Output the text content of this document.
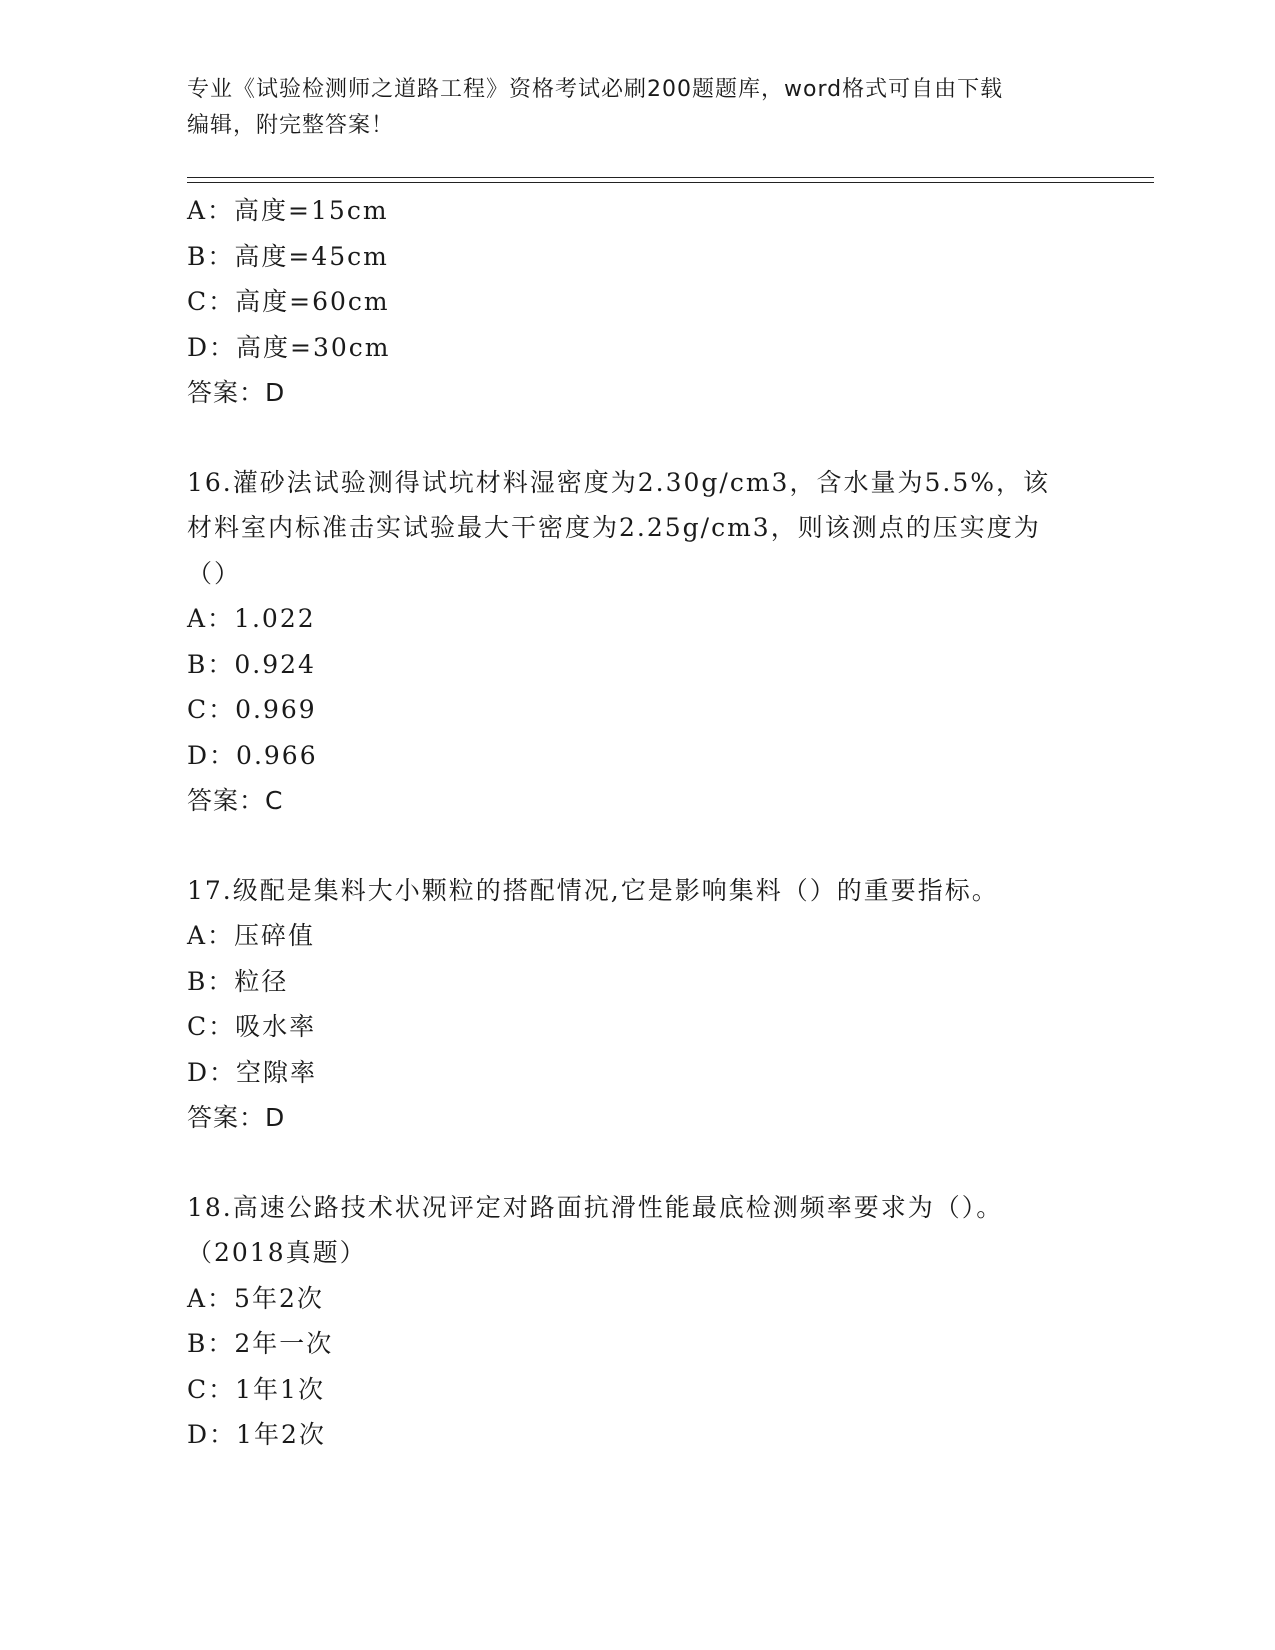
专业《试验检测师之道路工程》资格考试必刷200题题库，word格式可自由下载
编辑，附完整答案！
A：高度=15cm
B：高度=45cm
C：高度=60cm
D：高度=30cm
答案：D
16.灌砂法试验测得试坑材料湿密度为2.30g/cm3，含水量为5.5%，该
材料室内标准击实试验最大干密度为2.25g/cm3，则该测点的压实度为
（）
A：1.022
B：0.924
C：0.969
D：0.966
答案：C
17.级配是集料大小颗粒的搭配情况,它是影响集料（）的重要指标。
A：压碎值
B：粒径
C：吸水率
D：空隙率
答案：D
18.高速公路技术状况评定对路面抗滑性能最底检测频率要求为（）。
（2018真题）
A：5年2次
B：2年一次
C：1年1次
D：1年2次
